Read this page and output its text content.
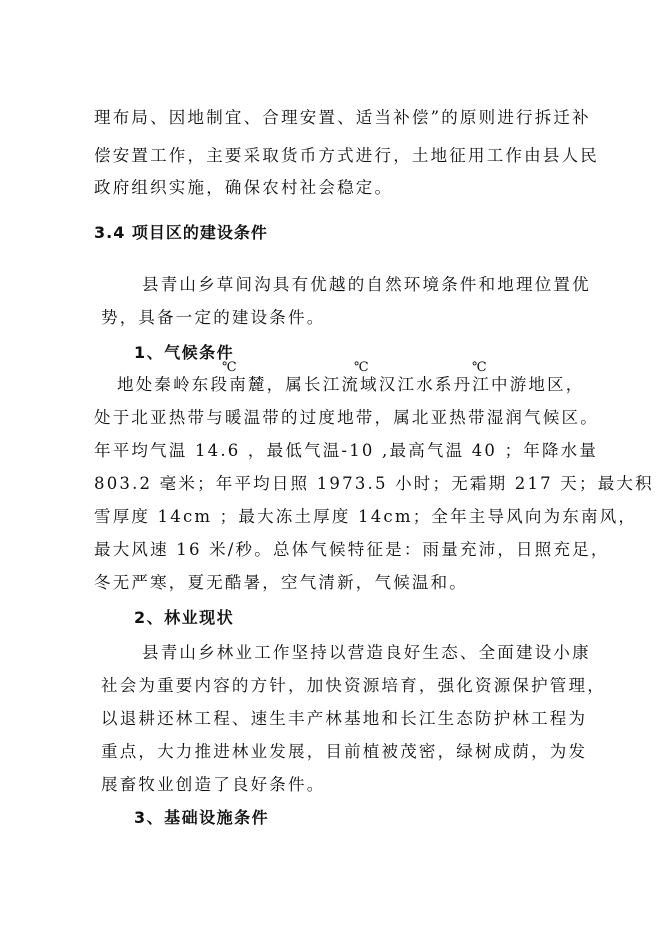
理布局、因地制宜、合理安置、适当补偿”的原则进行拆迁补
偿安置工作，主要采取货币方式进行，土地征用工作由县人民
政府组织实施，确保农村社会稳定。
3.4 项目区的建设条件
县青山乡草间沟具有优越的自然环境条件和地理位置优
势，具备一定的建设条件。
1、气候条件
℃	℃	℃
地处秦岭东段南麓，属长江流域汉江水系丹江中游地区，
处于北亚热带与暖温带的过度地带，属北亚热带湿润气候区。
年平均气温 14.6 ，最低气温-10 ,最高气温 40 ；年降水量
803.2 毫米；年平均日照 1973.5 小时；无霜期 217 天；最大积
雪厚度 14cm ；最大冻土厚度 14cm；全年主导风向为东南风，
最大风速 16 米/秒。总体气候特征是：雨量充沛，日照充足，
冬无严寒，夏无酷暑，空气清新，气候温和。
2、林业现状
县青山乡林业工作坚持以营造良好生态、全面建设小康
社会为重要内容的方针，加快资源培育，强化资源保护管理，
以退耕还林工程、速生丰产林基地和长江生态防护林工程为
重点，大力推进林业发展，目前植被茂密，绿树成荫，为发
展畜牧业创造了良好条件。
3、基础设施条件
